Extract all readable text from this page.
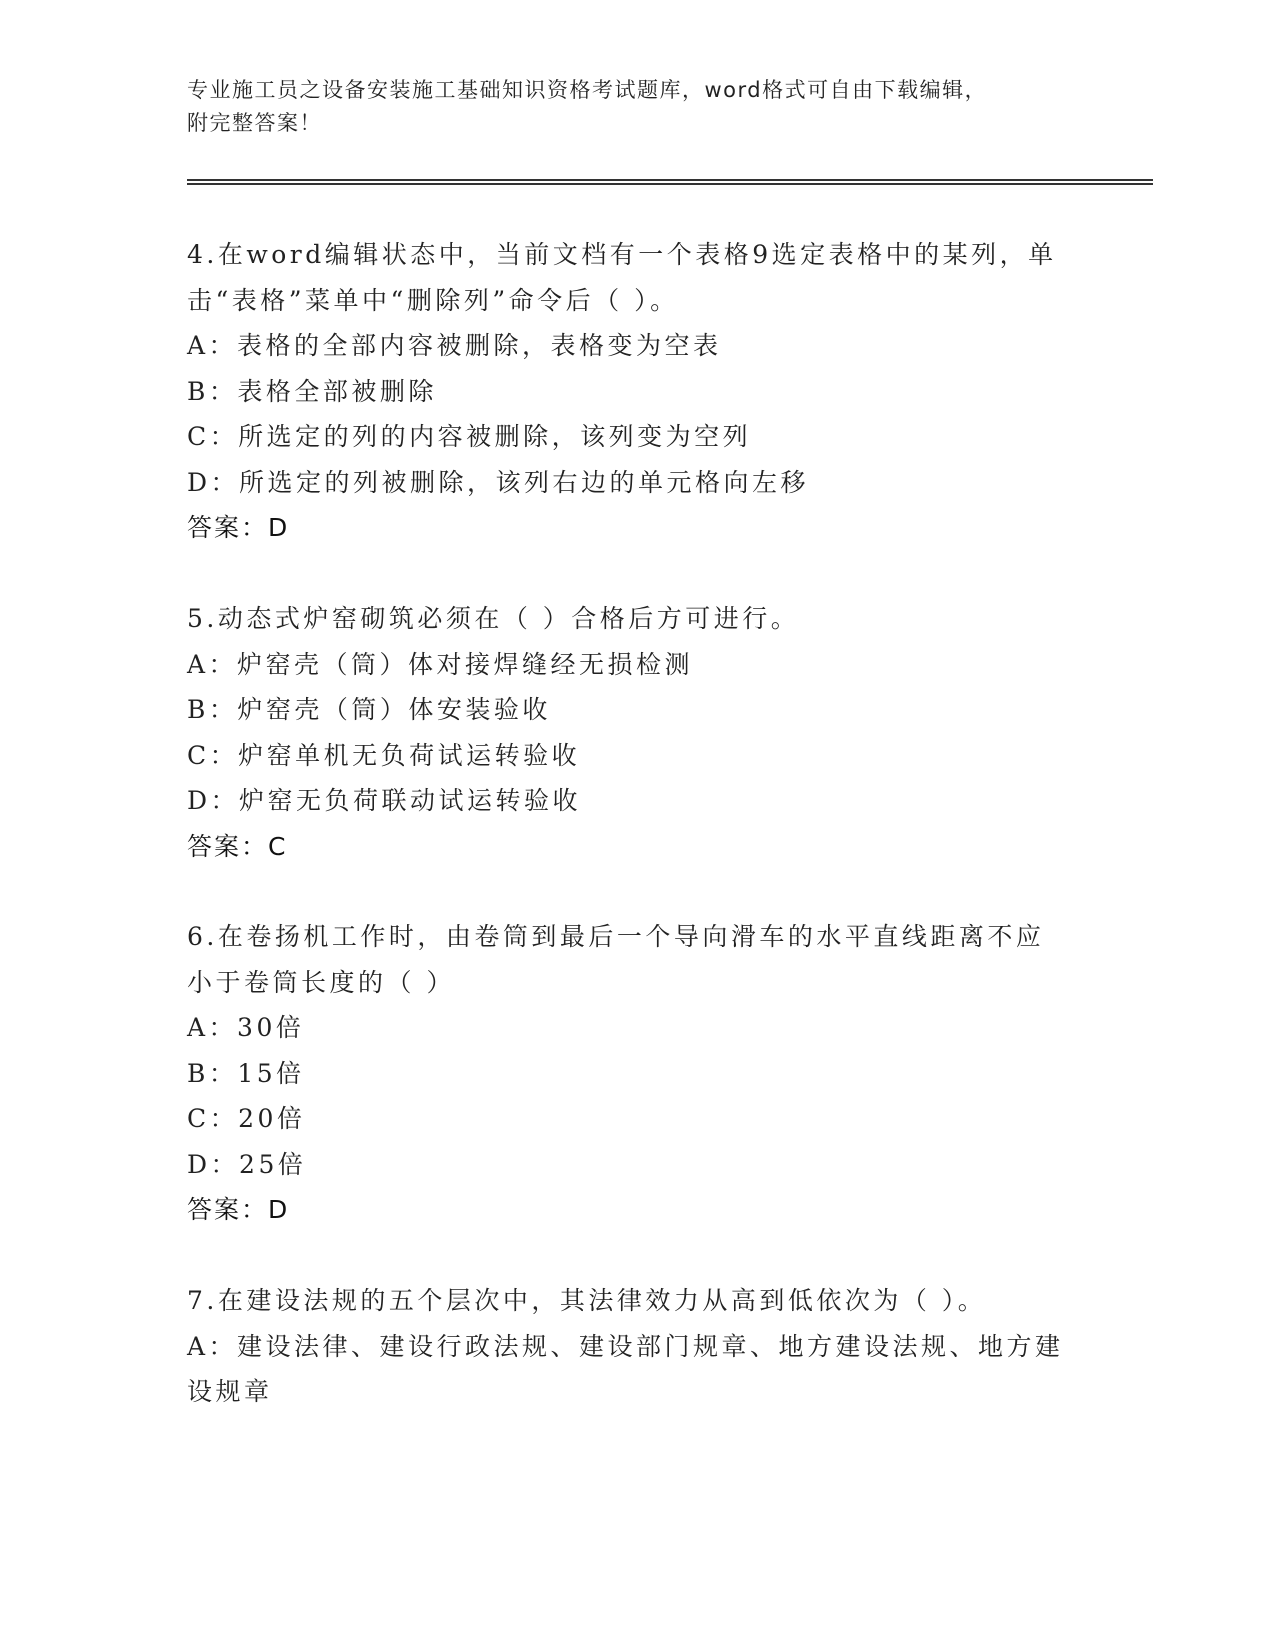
专业施工员之设备安装施工基础知识资格考试题库，word格式可自由下载编辑，
附完整答案！
4.在word编辑状态中，当前文档有一个表格9选定表格中的某列，单
击“表格”菜单中“删除列”命令后（ ）。
A：表格的全部内容被删除，表格变为空表
B：表格全部被删除
C：所选定的列的内容被删除，该列变为空列
D：所选定的列被删除，该列右边的单元格向左移
答案：D
5.动态式炉窑砌筑必须在（ ）合格后方可进行。
A：炉窑壳（筒）体对接焊缝经无损检测
B：炉窑壳（筒）体安装验收
C：炉窑单机无负荷试运转验收
D：炉窑无负荷联动试运转验收
答案：C
6.在卷扬机工作时，由卷筒到最后一个导向滑车的水平直线距离不应
小于卷筒长度的（ ）
A：30倍
B：15倍
C：20倍
D：25倍
答案：D
7.在建设法规的五个层次中，其法律效力从高到低依次为（ ）。
A：建设法律、建设行政法规、建设部门规章、地方建设法规、地方建
设规章
